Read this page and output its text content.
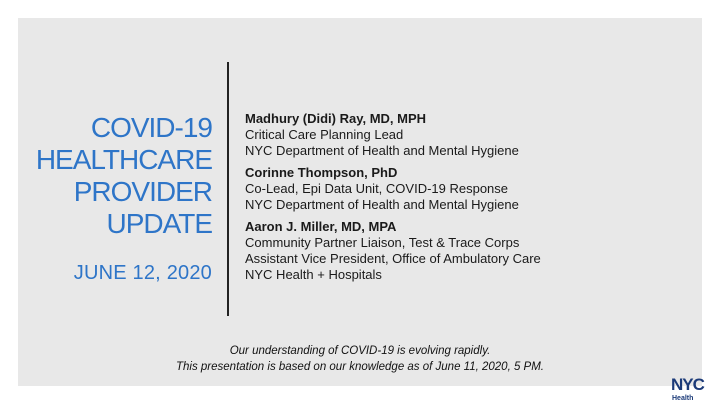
COVID-19
HEALTHCARE
PROVIDER
UPDATE
JUNE 12, 2020
Madhury (Didi) Ray, MD, MPH
Critical Care Planning Lead
NYC Department of Health and Mental Hygiene
Corinne Thompson, PhD
Co-Lead, Epi Data Unit, COVID-19 Response
NYC Department of Health and Mental Hygiene
Aaron J. Miller, MD, MPA
Community Partner Liaison, Test & Trace Corps
Assistant Vice President, Office of Ambulatory Care
NYC Health + Hospitals
Our understanding of COVID-19 is evolving rapidly.
This presentation is based on our knowledge as of June 11, 2020, 5 PM.
NYC
Health
